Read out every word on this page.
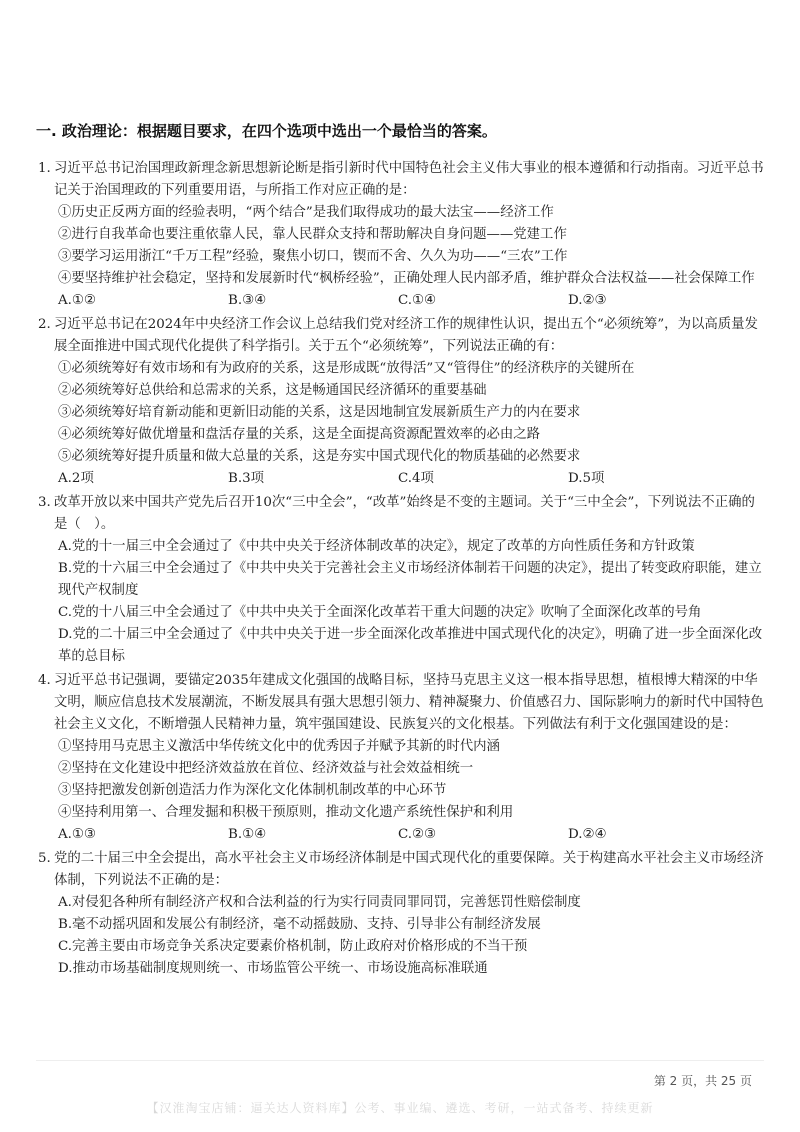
一. 政治理论：根据题目要求，在四个选项中选出一个最恰当的答案。
1. 习近平总书记治国理政新理念新思想新论断是指引新时代中国特色社会主义伟大事业的根本遵循和行动指南。习近平总书记关于治国理政的下列重要用语，与所指工作对应正确的是：
①历史正反两方面的经验表明，“两个结合”是我们取得成功的最大法宝——经济工作
②进行自我革命也要注重依靠人民，靠人民群众支持和帮助解决自身问题——党建工作
③要学习运用浙江“千万工程”经验，聚焦小切口，锲而不舍、久久为功——“三农”工作
④要坚持维护社会稳定，坚持和发展新时代“枫桥经验”，正确处理人民内部矛盾，维护群众合法权益——社会保障工作
A.①②	B.③④	C.①④	D.②③
2. 习近平总书记在2024年中央经济工作会议上总结我们党对经济工作的规律性认识，提出五个“必须统筹”，为以高质量发展全面推进中国式现代化提供了科学指引。关于五个“必须统筹”，下列说法正确的有：
①必须统筹好有效市场和有为政府的关系，这是形成既“放得活”又“管得住”的经济秩序的关键所在
②必须统筹好总供给和总需求的关系，这是畅通国民经济循环的重要基础
③必须统筹好培育新动能和更新旧动能的关系，这是因地制宜发展新质生产力的内在要求
④必须统筹好做优增量和盘活存量的关系，这是全面提高资源配置效率的必由之路
⑤必须统筹好提升质量和做大总量的关系，这是夯实中国式现代化的物质基础的必然要求
A.2项	B.3项	C.4项	D.5项
3. 改革开放以来中国共产党先后召开10次“三中全会”，“改革”始终是不变的主题词。关于“三中全会”，下列说法不正确的是（　）。
A.党的十一届三中全会通过了《中共中央关于经济体制改革的决定》，规定了改革的方向性质任务和方针政策
B.党的十六届三中全会通过了《中共中央关于完善社会主义市场经济体制若干问题的决定》，提出了转变政府职能，建立现代产权制度
C.党的十八届三中全会通过了《中共中央关于全面深化改革若干重大问题的决定》吹响了全面深化改革的号角
D.党的二十届三中全会通过了《中共中央关于进一步全面深化改革推进中国式现代化的决定》，明确了进一步全面深化改革的总目标
4. 习近平总书记强调，要锚定2035年建成文化强国的战略目标，坚持马克思主义这一根本指导思想，植根博大精深的中华文明，顺应信息技术发展潮流，不断发展具有强大思想引领力、精神凝聚力、价值感召力、国际影响力的新时代中国特色社会主义文化，不断增强人民精神力量，筑牢强国建设、民族复兴的文化根基。下列做法有利于文化强国建设的是：
①坚持用马克思主义激活中华传统文化中的优秀因子并赋予其新的时代内涵
②坚持在文化建设中把经济效益放在首位、经济效益与社会效益相统一
③坚持把激发创新创造活力作为深化文化体制机制改革的中心环节
④坚持利用第一、合理发掘和积极干预原则，推动文化遗产系统性保护和利用
A.①③	B.①④	C.②③	D.②④
5. 党的二十届三中全会提出，高水平社会主义市场经济体制是中国式现代化的重要保障。关于构建高水平社会主义市场经济体制，下列说法不正确的是：
A.对侵犯各种所有制经济产权和合法利益的行为实行同责同罪同罚，完善惩罚性赔偿制度
B.毫不动摇巩固和发展公有制经济，毫不动摇鼓励、支持、引导非公有制经济发展
C.完善主要由市场竞争关系决定要素价格机制，防止政府对价格形成的不当干预
D.推动市场基础制度规则统一、市场监管公平统一、市场设施高标准联通
第 2 页，共 25 页
【汉淮淘宝店铺：逼关达人资料库】公考、事业编、遴选、考研，一站式备考、持续更新
